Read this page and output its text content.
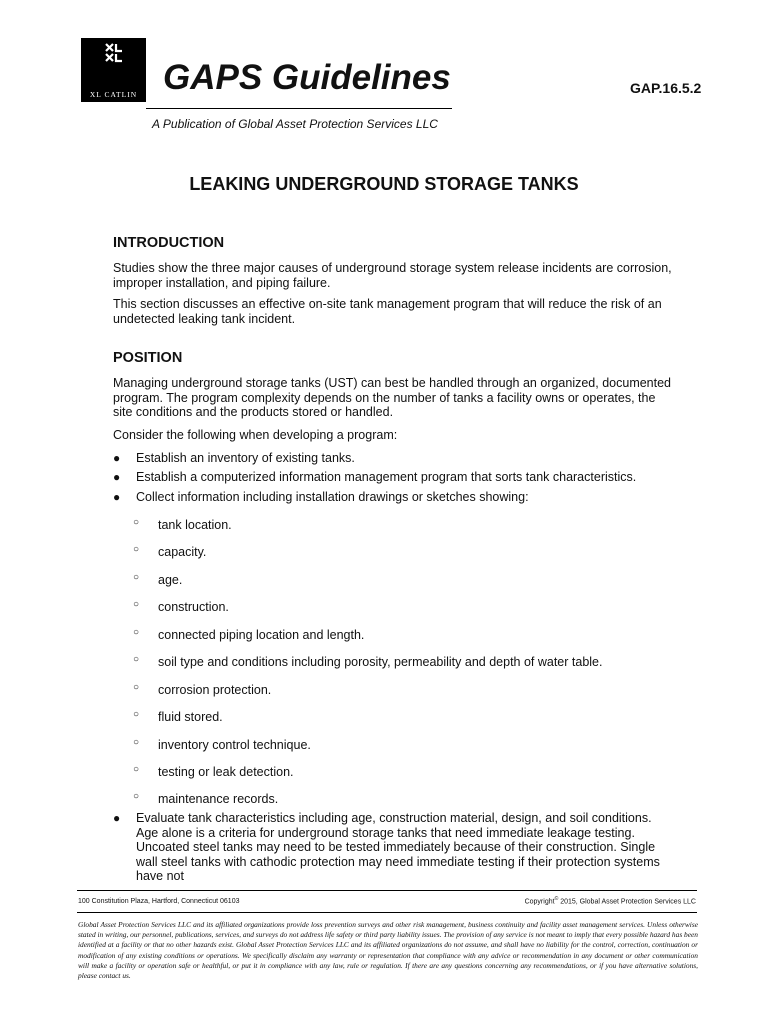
XL CATLIN GAPS Guidelines	GAP.16.5.2
A Publication of Global Asset Protection Services LLC
LEAKING UNDERGROUND STORAGE TANKS
INTRODUCTION

Studies show the three major causes of underground storage system release incidents are corrosion, improper installation, and piping failure.

This section discusses an effective on-site tank management program that will reduce the risk of an undetected leaking tank incident.

POSITION

Managing underground storage tanks (UST) can best be handled through an organized, documented program. The program complexity depends on the number of tanks a facility owns or operates, the site conditions and the products stored or handled.

Consider the following when developing a program:

● Establish an inventory of existing tanks.
● Establish a computerized information management program that sorts tank characteristics.
● Collect information including installation drawings or sketches showing:
○ tank location.
○ capacity.
○ age.
○ construction.
○ connected piping location and length.
○ soil type and conditions including porosity, permeability and depth of water table.
○ corrosion protection.
○ fluid stored.
○ inventory control technique.
○ testing or leak detection.
○ maintenance records.
● Evaluate tank characteristics including age, construction material, design, and soil conditions. Age alone is a criteria for underground storage tanks that need immediate leakage testing. Uncoated steel tanks may need to be tested immediately because of their construction. Single wall steel tanks with cathodic protection may need immediate testing if their protection systems have not
100 Constitution Plaza, Hartford, Connecticut 06103	Copyright© 2015, Global Asset Protection Services LLC

Global Asset Protection Services LLC and its affiliated organizations provide loss prevention surveys and other risk management, business continuity and facility asset management services. Unless otherwise stated in writing, our personnel, publications, services, and surveys do not address life safety or third party liability issues. The provision of any service is not meant to imply that every possible hazard has been identified at a facility or that no other hazards exist. Global Asset Protection Services LLC and its affiliated organizations do not assume, and shall have no liability for the control, correction, continuation or modification of any existing conditions or operations. We specifically disclaim any warranty or representation that compliance with any advice or recommendation in any document or other communication will make a facility or operation safe or healthful, or put it in compliance with any law, rule or regulation. If there are any questions concerning any recommendations, or if you have alternative solutions, please contact us.
